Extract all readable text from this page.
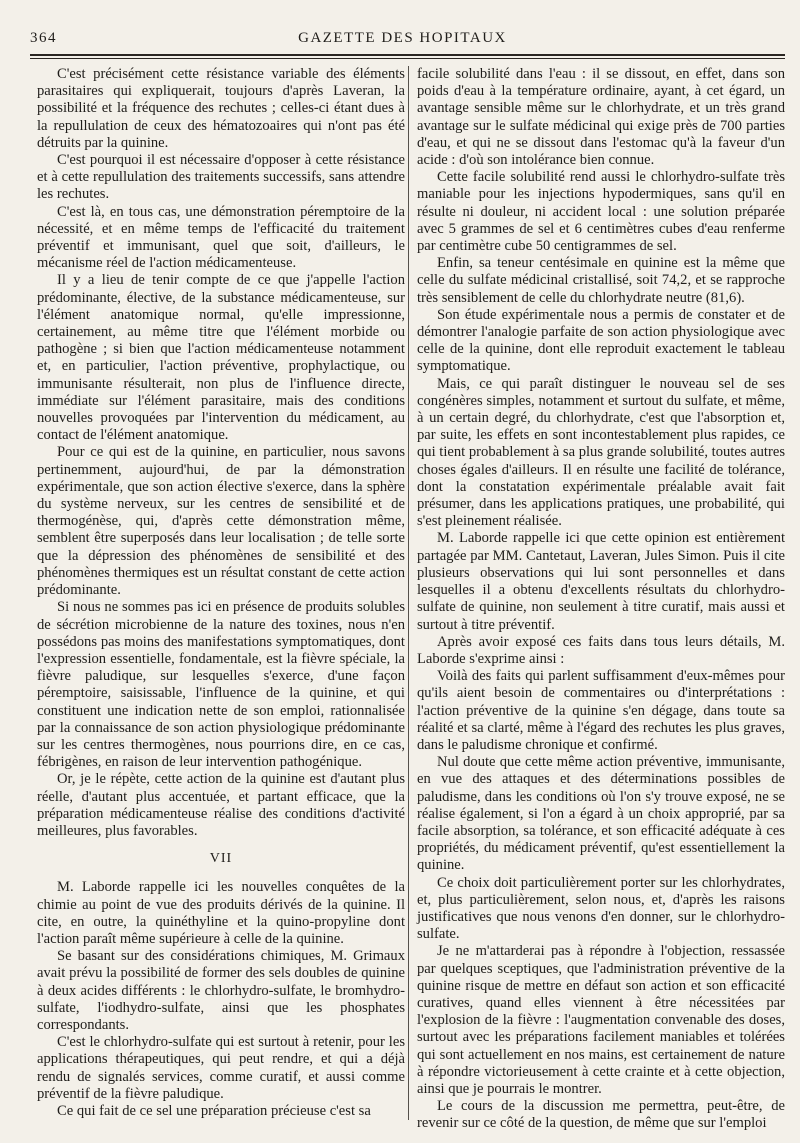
364	GAZETTE DES HOPITAUX

C'est précisément cette résistance variable des éléments parasitaires qui expliquerait, toujours d'après Laveran, la possibilité et la fréquence des rechutes ; celles-ci étant dues à la repullulation de ceux des hématozoaires qui n'ont pas été détruits par la quinine.

C'est pourquoi il est nécessaire d'opposer à cette résistance et à cette repullulation des traitements successifs, sans attendre les rechutes.

C'est là, en tous cas, une démonstration péremptoire de la nécessité, et en même temps de l'efficacité du traitement préventif et immunisant, quel que soit, d'ailleurs, le mécanisme réel de l'action médicamenteuse.

Il y a lieu de tenir compte de ce que j'appelle l'action prédominante, élective, de la substance médicamenteuse, sur l'élément anatomique normal, qu'elle impressionne, certainement, au même titre que l'élément morbide ou pathogène ; si bien que l'action médicamenteuse notamment et, en particulier, l'action préventive, prophylactique, ou immunisante résulterait, non plus de l'influence directe, immédiate sur l'élément parasitaire, mais des conditions nouvelles provoquées par l'intervention du médicament, au contact de l'élément anatomique.

Pour ce qui est de la quinine, en particulier, nous savons pertinemment, aujourd'hui, de par la démonstration expérimentale, que son action élective s'exerce, dans la sphère du système nerveux, sur les centres de sensibilité et de thermogénèse, qui, d'après cette démonstration même, semblent être superposés dans leur localisation ; de telle sorte que la dépression des phénomènes de sensibilité et des phénomènes thermiques est un résultat constant de cette action prédominante.

Si nous ne sommes pas ici en présence de produits solubles de sécrétion microbienne de la nature des toxines, nous n'en possédons pas moins des manifestations symptomatiques, dont l'expression essentielle, fondamentale, est la fièvre spéciale, la fièvre paludique, sur lesquelles s'exerce, d'une façon péremptoire, saisissable, l'influence de la quinine, et qui constituent une indication nette de son emploi, rationnalisée par la connaissance de son action physiologique prédominante sur les centres thermogènes, nous pourrions dire, en ce cas, fébrigènes, en raison de leur intervention pathogénique.

Or, je le répète, cette action de la quinine est d'autant plus réelle, d'autant plus accentuée, et partant efficace, que la préparation médicamenteuse réalise des conditions d'activité meilleures, plus favorables.

VII

M. Laborde rappelle ici les nouvelles conquêtes de la chimie au point de vue des produits dérivés de la quinine. Il cite, en outre, la quinéthyline et la quino-propyline dont l'action paraît même supérieure à celle de la quinine.

Se basant sur des considérations chimiques, M. Grimaux avait prévu la possibilité de former des sels doubles de quinine à deux acides différents : le chlorhydro-sulfate, le bromhydro-sulfate, l'iodhydro-sulfate, ainsi que les phosphates correspondants.

C'est le chlorhydro-sulfate qui est surtout à retenir, pour les applications thérapeutiques, qui peut rendre, et qui a déjà rendu de signalés services, comme curatif, et aussi comme préventif de la fièvre paludique.

Ce qui fait de ce sel une préparation précieuse c'est sa

facile solubilité dans l'eau : il se dissout, en effet, dans son poids d'eau à la température ordinaire, ayant, à cet égard, un avantage sensible même sur le chlorhydrate, et un très grand avantage sur le sulfate médicinal qui exige près de 700 parties d'eau, et qui ne se dissout dans l'estomac qu'à la faveur d'un acide : d'où son intolérance bien connue.

Cette facile solubilité rend aussi le chlorhydro-sulfate très maniable pour les injections hypodermiques, sans qu'il en résulte ni douleur, ni accident local : une solution préparée avec 5 grammes de sel et 6 centimètres cubes d'eau renferme par centimètre cube 50 centigrammes de sel.

Enfin, sa teneur centésimale en quinine est la même que celle du sulfate médicinal cristallisé, soit 74,2, et se rapproche très sensiblement de celle du chlorhydrate neutre (81,6).

Son étude expérimentale nous a permis de constater et de démontrer l'analogie parfaite de son action physiologique avec celle de la quinine, dont elle reproduit exactement le tableau symptomatique.

Mais, ce qui paraît distinguer le nouveau sel de ses congénères simples, notamment et surtout du sulfate, et même, à un certain degré, du chlorhydrate, c'est que l'absorption et, par suite, les effets en sont incontestablement plus rapides, ce qui tient probablement à sa plus grande solubilité, toutes autres choses égales d'ailleurs. Il en résulte une facilité de tolérance, dont la constatation expérimentale préalable avait fait présumer, dans les applications pratiques, une probabilité, qui s'est pleinement réalisée.

M. Laborde rappelle ici que cette opinion est entièrement partagée par MM. Cantetaut, Laveran, Jules Simon. Puis il cite plusieurs observations qui lui sont personnelles et dans lesquelles il a obtenu d'excellents résultats du chlorhydro-sulfate de quinine, non seulement à titre curatif, mais aussi et surtout à titre préventif.

Après avoir exposé ces faits dans tous leurs détails, M. Laborde s'exprime ainsi :

Voilà des faits qui parlent suffisamment d'eux-mêmes pour qu'ils aient besoin de commentaires ou d'interprétations : l'action préventive de la quinine s'en dégage, dans toute sa réalité et sa clarté, même à l'égard des rechutes les plus graves, dans le paludisme chronique et confirmé.

Nul doute que cette même action préventive, immunisante, en vue des attaques et des déterminations possibles de paludisme, dans les conditions où l'on s'y trouve exposé, ne se réalise également, si l'on a égard à un choix approprié, par sa facile absorption, sa tolérance, et son efficacité adéquate à ces propriétés, du médicament préventif, qu'est essentiellement la quinine.

Ce choix doit particulièrement porter sur les chlorhydrates, et, plus particulièrement, selon nous, et, d'après les raisons justificatives que nous venons d'en donner, sur le chlorhydro-sulfate.

Je ne m'attarderai pas à répondre à l'objection, ressassée par quelques sceptiques, que l'administration préventive de la quinine risque de mettre en défaut son action et son efficacité curatives, quand elles viennent à être nécessitées par l'explosion de la fièvre : l'augmentation convenable des doses, surtout avec les préparations facilement maniables et tolérées qui sont actuellement en nos mains, est certainement de nature à répondre victorieusement à cette crainte et à cette objection, ainsi que je pourrais le montrer.

Le cours de la discussion me permettra, peut-être, de revenir sur ce côté de la question, de même que sur l'emploi
